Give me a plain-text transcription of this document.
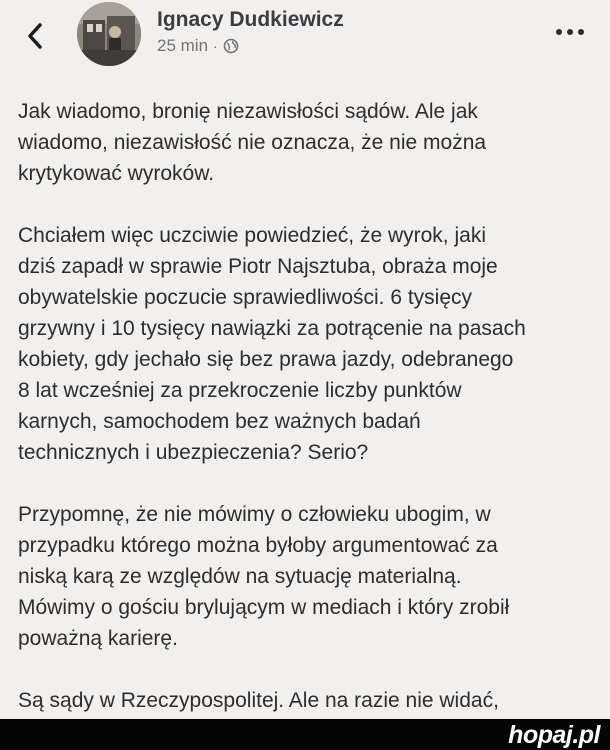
Ignacy Dudkiewicz
25 min ·

Jak wiadomo, bronię niezawisłości sądów. Ale jak
wiadomo, niezawisłość nie oznacza, że nie można
krytykować wyroków.

Chciałem więc uczciwie powiedzieć, że wyrok, jaki
dziś zapadł w sprawie Piotr Najsztuba, obraża moje
obywatelskie poczucie sprawiedliwości. 6 tysięcy
grzywny i 10 tysięcy nawiązki za potrącenie na pasach
kobiety, gdy jechało się bez prawa jazdy, odebranego
8 lat wcześniej za przekroczenie liczby punktów
karnych, samochodem bez ważnych badań
technicznych i ubezpieczenia? Serio?

Przypomnę, że nie mówimy o człowieku ubogim, w
przypadku którego można byłoby argumentować za
niską karą ze względów na sytuację materialną.
Mówimy o gościu brylującym w mediach i który zrobił
poważną karierę.

Są sądy w Rzeczypospolitej. Ale na razie nie widać,

hopaj.pl
